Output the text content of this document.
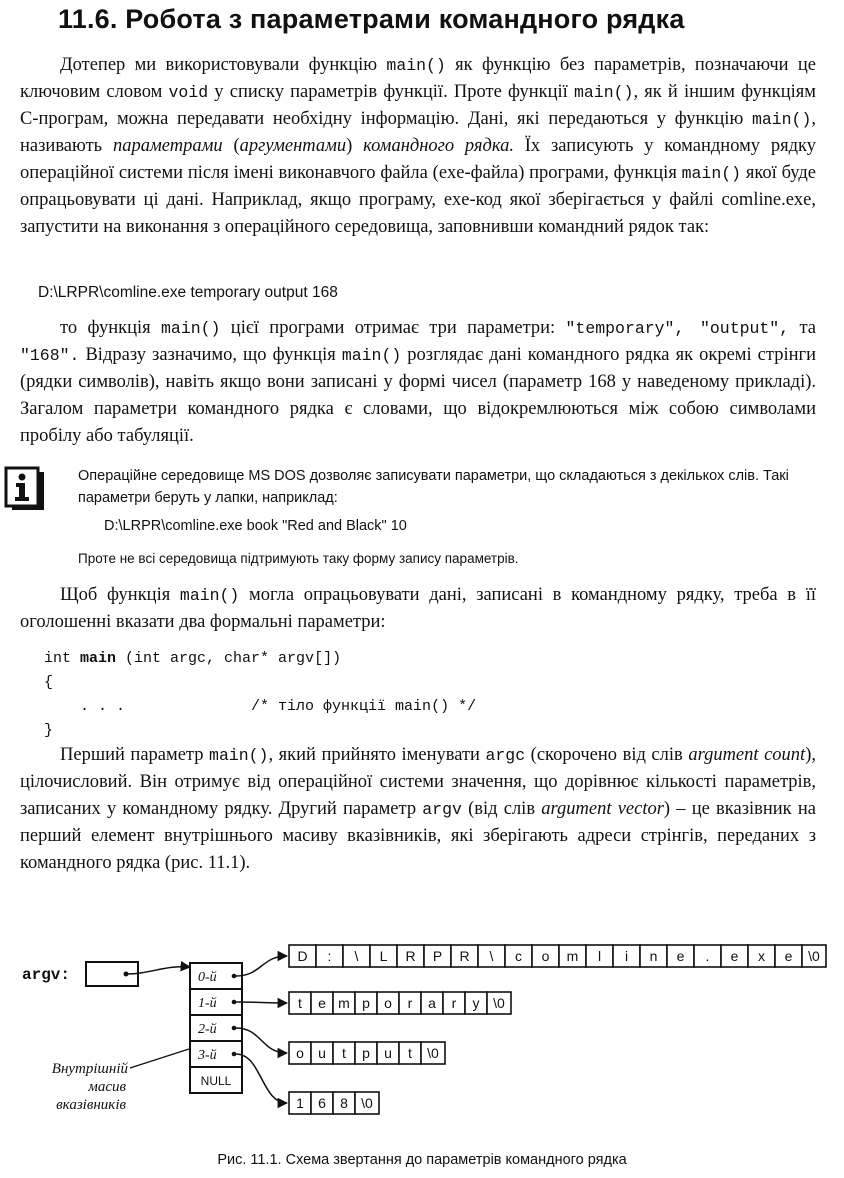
11.6. Робота з параметрами командного рядка

Дотепер ми використовували функцію main() як функцію без параметрів, позначаючи це ключовим словом void у списку параметрів функції. Проте функції main(), як й іншим функціям С-програм, можна передавати необхідну інформацію. Дані, які передаються у функцію main(), називають параметрами (аргументами) командного рядка. Їх записують у командному рядку операційної системи після імені виконавчого файла (exe-файла) програми, функція main() якої буде опрацьовувати ці дані. Наприклад, якщо програму, exe-код якої зберігається у файлі comline.exe, запустити на виконання з операційного середовища, заповнивши командний рядок так:

D:\LRPR\comline.exe temporary output 168

то функція main() цієї програми отримає три параметри: "temporary", "output", та "168". Відразу зазначимо, що функція main() розглядає дані командного рядка як окремі стрінги (рядки символів), навіть якщо вони записані у формі чисел (параметр 168 у наведеному прикладі). Загалом параметри командного рядка є словами, що відокремлюються між собою символами пробілу або табуляції.

Операційне середовище MS DOS дозволяє записувати параметри, що складаються з декількох слів. Такі параметри беруть у лапки, наприклад:

D:\LRPR\comline.exe book "Red and Black" 10

Проте не всі середовища підтримують таку форму запису параметрів.

Щоб функція main() могла опрацьовувати дані, записані в командному рядку, треба в її оголошенні вказати два формальні параметри:

int main (int argc, char* argv[])
{
. . .              /* тіло функції main() */
}

Перший параметр main(), який прийнято іменувати argc (скорочено від слів argument count), цілочисловий. Він отримує від операційної системи значення, що дорівнює кількості параметрів, записаних у командному рядку. Другий параметр argv (від слів argument vector) – це вказівник на перший елемент внутрішнього масиву вказівників, які зберігають адреси стрінгів, переданих з командного рядка (рис. 11.1).

argv:	0-й
1-й
2-й
3-й
NULL
D : \ L R P R \ c o m l i n e . e x e \0
t e m p o r a r y \0
o u t p u t \0
1 6 8 \0
Внутрішній
масив
вказівників
Рис. 11.1. Схема звертання до параметрів командного рядка
